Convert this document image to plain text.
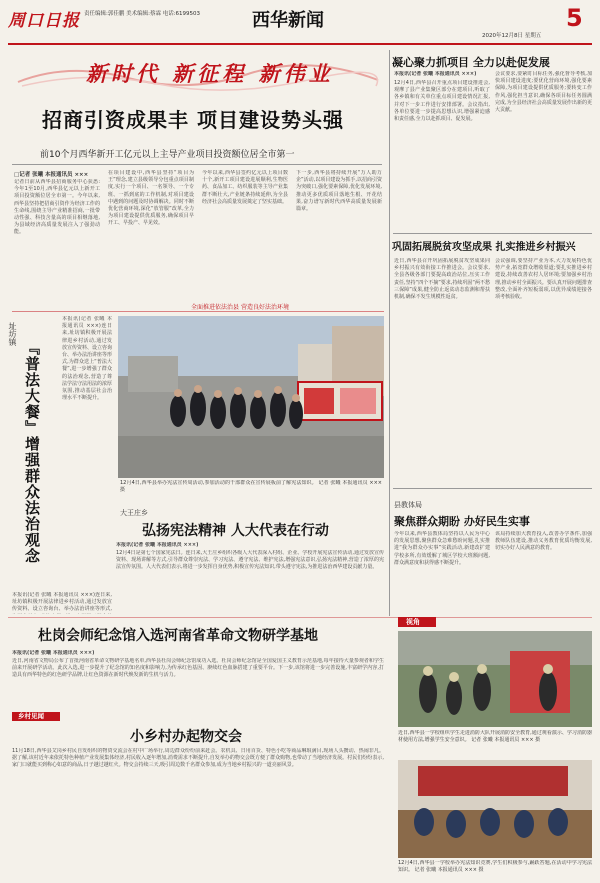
周口日报 责任编辑:郭佳鹏 美术编辑:蔡霖 电话:6199503	西华新闻
2020年12月8日 星期五
5
新时代 新征程 新伟业
招商引资成果丰 项目建设势头强
前10个月西华新开工亿元以上主导产业项目投资额位居全市第一
□记者 张曦 本报通讯员 ×××
记者日前从西华县招商服务中心获悉:今年1至10月,西华县亿元以上新开工项目投资额位居全市第一。今年以来,西华县坚持把招商引资作为经济工作的生命线,围绕主导产业精准招商,一批带动性强、科技含量高的项目相继落地,为县域经济高质量发展注入了强劲动能。
在项目建设中,西华县坚持“项目为王”理念,建立县级领导分包重点项目制度,实行一个项目、一名领导、一个专班、一抓到底的工作机制,对项目建设中遇到的问题及时协调解决。同时不断优化营商环境,深化“放管服”改革,全力为项目建设提供优质服务,确保项目早开工、早投产、早见效。
今年以来,西华县签约亿元以上项目数十个,新开工项目建设进展顺利,生物医药、食品加工、纺织服装等主导产业集群不断壮大,产业链条持续延伸,为全县经济社会高质量发展奠定了坚实基础。
下一步,西华县将持续开展“万人助万企”活动,以项目建设为抓手,以招商引资为突破口,强化要素保障,优化发展环境,推动更多优质项目落地生根、开花结果,奋力谱写新时代西华高质量发展新篇章。
凝心聚力抓项目 全力以赴促发展
本报讯(记者 张曦 本报通讯员 ×××)
12月4日,西华县召开重点项目建设推进会,观摩了县产业集聚区部分在建项目,听取了各乡镇和有关单位重点项目建设情况汇报,并对下一步工作进行安排部署。会议指出,各单位要进一步提高思想认识,增强紧迫感和责任感,全力以赴抓项目、促发展。
会议要求,要紧盯目标任务,强化督导考核,加快项目建设进度;要优化营商环境,强化要素保障,为项目建设提供优质服务;要转变工作作风,强化担当意识,确保各项目标任务圆满完成,为全县经济社会高质量发展作出新的更大贡献。
巩固拓展脱贫攻坚成果 扎实推进乡村振兴
近日,西华县召开巩固拓展脱贫攻坚成果同乡村振兴有效衔接工作推进会。会议要求,全县各级各部门要提高政治站位,压实工作责任,坚持“四个不摘”要求,持续巩固“两不愁三保障”成果,健全防止返贫动态监测和帮扶机制,确保不发生规模性返贫。
会议强调,要坚持产业为本,大力发展特色优势产业,拓宽群众增收渠道;要扎实推进乡村建设,持续改善农村人居环境;要加强乡村治理,推动乡村全面振兴。要认真开展问题排查整改,全面补齐短板弱项,以优异成绩迎接各项考核验收。
县教体局
聚焦群众期盼 办好民生实事
今年以来,西华县教体局坚持以人民为中心的发展思想,聚焦群众急难愁盼问题,扎实推进“我为群众办实事”实践活动,新建改扩建学校多所,有效缓解了城区学校大班额问题,群众满意度和获得感不断提升。
该局持续加大教育投入,改善办学条件,加强教师队伍建设,推动义务教育优质均衡发展,切实办好人民满意的教育。
全面推进依法治县 营造良好法治环境
址坊镇
『普法大餐』增强群众法治观念
本报讯(记者 张曦 本报通讯员 ×××)连日来,址坊镇积极开展法律进乡村活动,通过发放宣传资料、设立咨询台、举办法治讲座等形式,为群众送上“普法大餐”,进一步增强了群众的法治观念,营造了尊法学法守法用法的浓厚氛围,推动基层社会治理水平不断提升。
12月4日,西华县举办宪法宣传周活动,参加活动的干部群众在宣传展板前了解宪法知识。 记者 张曦 本报通讯员 ××× 摄
大王庄乡
弘扬宪法精神 人大代表在行动
本报讯(记者 张曦 本报通讯员 ×××)
12月4日是第七个国家宪法日。连日来,大王庄乡组织各级人大代表深入村组、企业、学校开展宪法宣传活动,通过发放宣传资料、现场讲解等方式,引导群众尊崇宪法、学习宪法、遵守宪法、维护宪法,增强宪法意识,弘扬宪法精神,营造了浓厚的宪法宣传氛围。人大代表们表示,将进一步发挥自身优势,积极宣传宪法知识,带头遵守宪法,为推进法治西华建设贡献力量。
本报讯(记者 张曦 本报通讯员 ×××)连日来,址坊镇积极开展法律进乡村活动,通过发放宣传资料、设立咨询台、举办法治讲座等形式,
杜岗会师纪念馆入选河南省革命文物研学基地
本报讯(记者 张曦 本报通讯员 ×××)
近日,河南省文物局公布了首批河南省革命文物研学基地名单,西华县杜岗会师纪念馆成功入选。杜岗会师纪念馆是全国爱国主义教育示范基地,每年接待大量参观者和学生前来开展研学活动。此次入选,进一步提升了纪念馆的知名度和影响力,为传承红色基因、赓续红色血脉搭建了重要平台。下一步,该馆将进一步完善设施,丰富研学内容,打造具有西华特色的红色研学品牌,让红色资源在新时代焕发新的生机与活力。
乡村见闻
小乡村办起物交会
11月18日,西华县艾岗乡村民自发组织的物资交流会在村中广场举行,周边群众纷纷前来赶会。农机具、日用百货、特色小吃等商品琳琅满目,现场人头攒动、热闹非凡。据了解,该村近年来依托特色种植产业发展集体经济,村民收入逐年增加,消费需求不断提升,自发举办的物交会既方便了群众购物,也带动了当地经济发展。村民们纷纷表示,家门口就能买到称心如意的商品,日子越过越红火。物交会持续三天,吸引周边数千名群众参加,成为当地乡村振兴的一道亮丽风景。
视角
近日,西华县一学校组织学生走进消防大队开展消防安全教育,通过观看演示、学习消防器材使用方法,增强学生安全意识。 记者 张曦 本报通讯员 ××× 摄
12月4日,西华县一学校举办宪法知识竞赛,学生们积极参与,踊跃答题,在活动中学习宪法知识。 记者 张曦 本报通讯员 ××× 摄
